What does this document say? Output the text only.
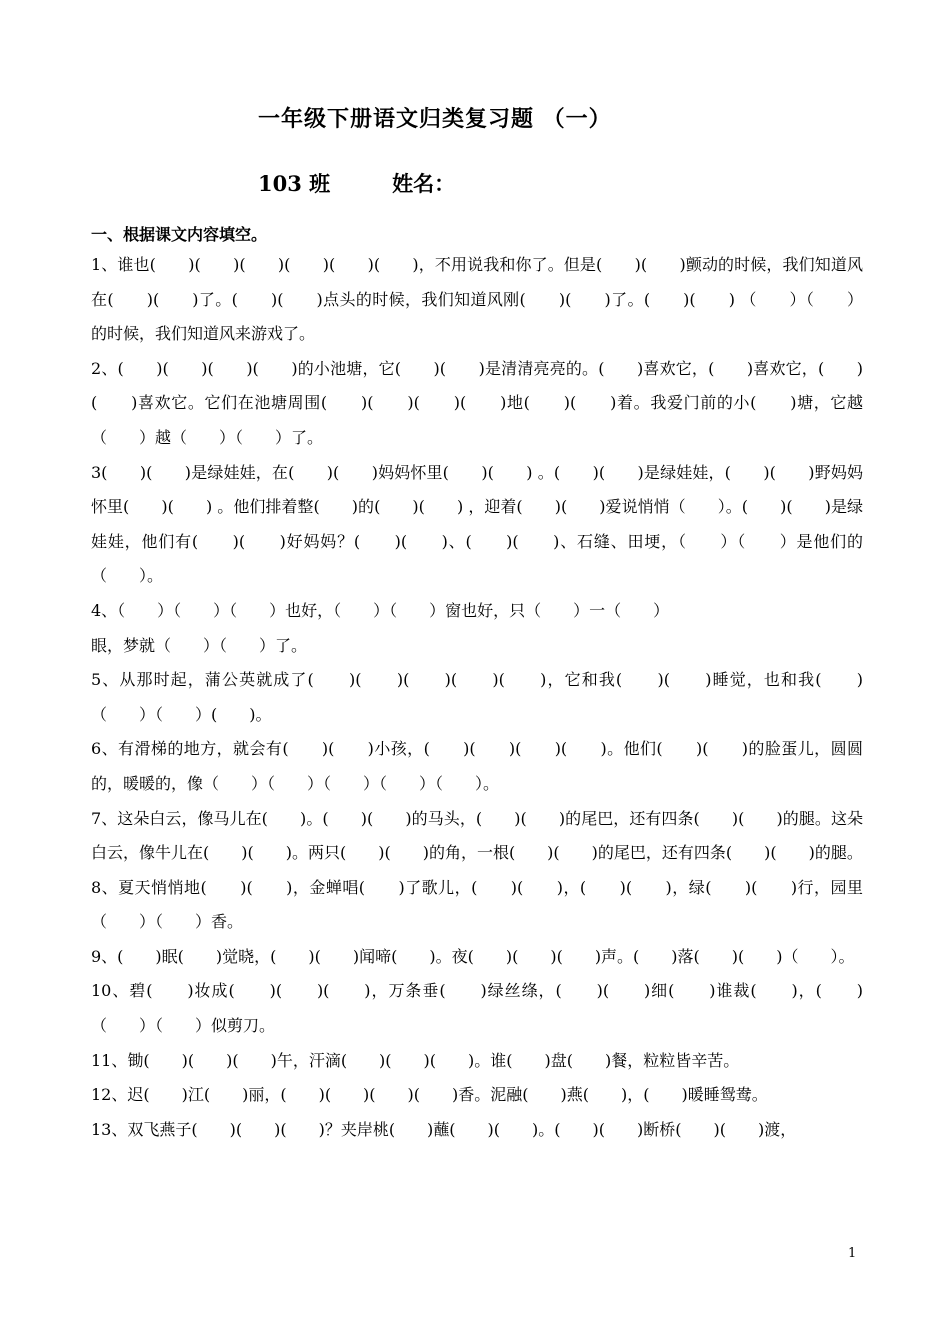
一年级下册语文归类复习题 （一）
103 班	姓名：
一、根据课文内容填空。
1、谁也(　　)(　　)(　　)(　　)(　　)(　　)，不用说我和你了。但是(　　)(　　)颤动的时候，我们知道风在(　　)(　　)了。(　　)(　　)点头的时候，我们知道风刚(　　)(　　)了。(　　)(　　) （　　）（　　） 的时候，我们知道风来游戏了。
2、(　　)(　　)(　　)(　　)的小池塘，它(　　)(　　)是清清亮亮的。(　　)喜欢它，(　　)喜欢它，(　　)(　　)喜欢它。它们在池塘周围(　　)(　　)(　　)(　　)地(　　)(　　)着。我爱门前的小(　　)塘，它越（　　）越（　　）（　　）了。
3(　　)(　　)是绿娃娃，在(　　)(　　)妈妈怀里(　　)(　　) 。(　　)(　　)是绿娃娃，(　　)(　　)野妈妈怀里(　　)(　　) 。他们排着整(　　)的(　　)(　　) ，迎着(　　)(　　)爱说悄悄（　　）。(　　)(　　)是绿娃娃，他们有(　　)(　　)好妈妈？(　　)(　　)、(　　)(　　)、石缝、田埂，（　　）（　　）是他们的（　　）。
4、（　　）（　　）（　　）也好，（　　）（　　）窗也好，只（　　）一（　　）
眼，梦就（　　）（　　）了。
5、从那时起，蒲公英就成了(　　)(　　)(　　)(　　)(　　)，它和我(　　)(　　)睡觉，也和我(　　)（　　）（　　）(　　)。
6、有滑梯的地方，就会有(　　)(　　)小孩，(　　)(　　)(　　)(　　)。他们(　　)(　　)的脸蛋儿，圆圆的，暖暖的，像（　　）（　　）（　　）（　　）（　　）。
7、这朵白云，像马儿在(　　)。(　　)(　　)的马头，(　　)(　　)的尾巴，还有四条(　　)(　　)的腿。这朵白云，像牛儿在(　　)(　　)。两只(　　)(　　)的角，一根(　　)(　　)的尾巴，还有四条(　　)(　　)的腿。
8、夏天悄悄地(　　)(　　)，金蝉唱(　　)了歌儿，(　　)(　　)，(　　)(　　)，绿(　　)(　　)行，园里（　　）（　　）香。
9、(　　)眠(　　)觉晓，(　　)(　　)闻啼(　　)。夜(　　)(　　)(　　)声。(　　)落(　　)(　　)（　　）。
10、碧(　　)妆成(　　)(　　)(　　)，万条垂(　　)绿丝绦，(　　)(　　)细(　　)谁裁(　　)，(　　)（　　）（　　）似剪刀。
11、锄(　　)(　　)(　　)午，汗滴(　　)(　　)(　　)。谁(　　)盘(　　)餐，粒粒皆辛苦。
12、迟(　　)江(　　)丽，(　　)(　　)(　　)(　　)香。泥融(　　)燕(　　)，(　　)暖睡鸳鸯。
13、双飞燕子(　　)(　　)(　　)？夹岸桃(　　)蘸(　　)(　　)。(　　)(　　)断桥(　　)(　　)渡，
1
